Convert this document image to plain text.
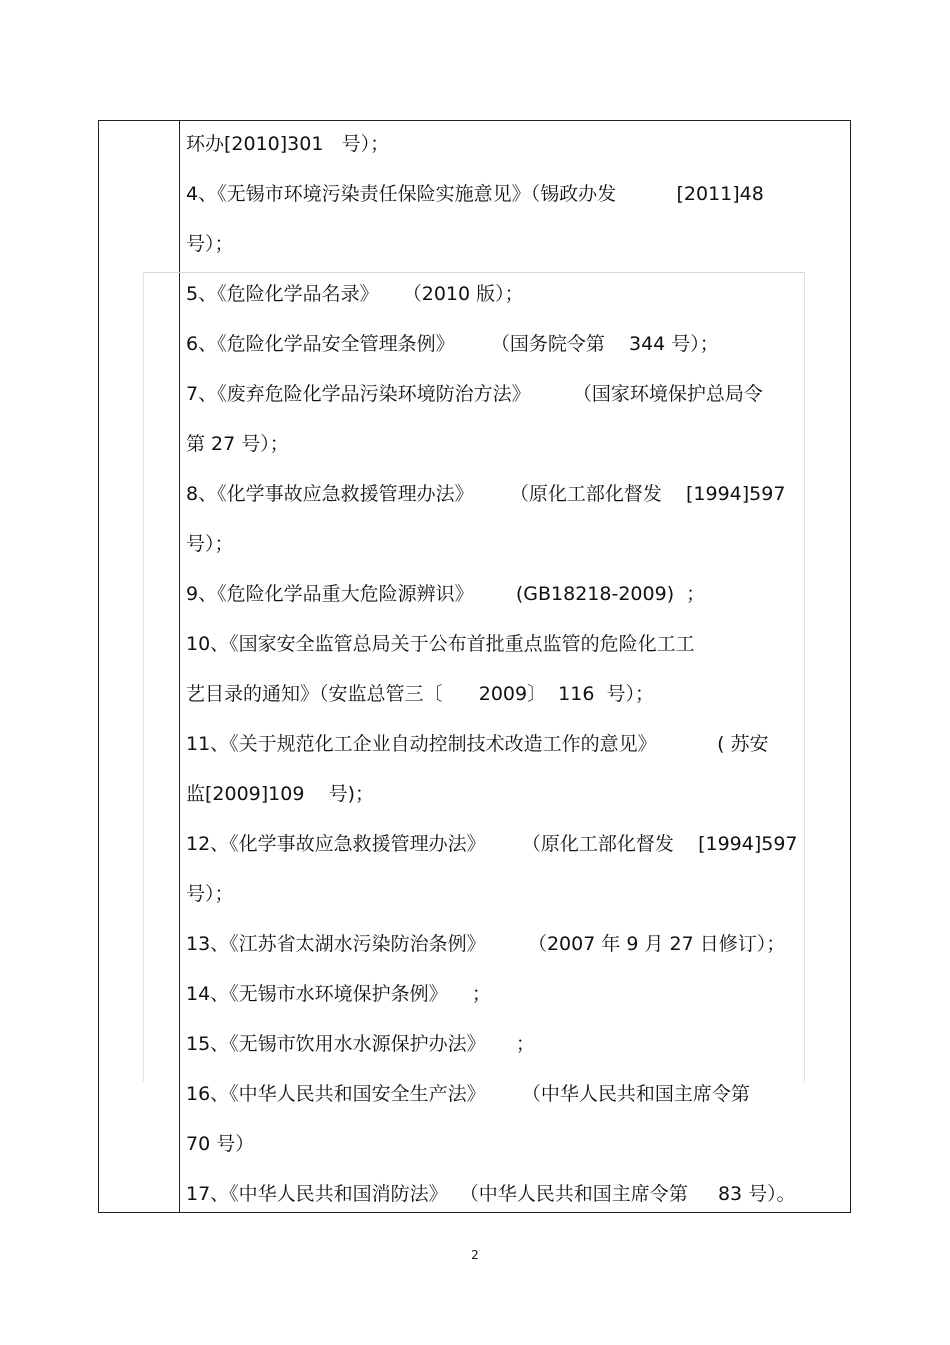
环办[2010]301   号）；
4、《无锡市环境污染责任保险实施意见》（锡政办发          [2011]48
号）；
5、《危险化学品名录》    （2010 版）；
6、《危险化学品安全管理条例》      （国务院令第    344 号）；
7、《废弃危险化学品污染环境防治方法》       （国家环境保护总局令
第 27 号）；
8、《化学事故应急救援管理办法》      （原化工部化督发    [1994]597
号）；
9、《危险化学品重大危险源辨识》       (GB18218-2009)  ；
10、《国家安全监管总局关于公布首批重点监管的危险化工工
艺目录的通知》（安监总管三〔      2009〕  116  号）；
11、《关于规范化工企业自动控制技术改造工作的意见》          ( 苏安
监[2009]109    号)；
12、《化学事故应急救援管理办法》      （原化工部化督发    [1994]597
号）；
13、《江苏省太湖水污染防治条例》       （2007 年 9 月 27 日修订）；
14、《无锡市水环境保护条例》    ；
15、《无锡市饮用水水源保护办法》     ；
16、《中华人民共和国安全生产法》      （中华人民共和国主席令第
70 号）
17、《中华人民共和国消防法》  （中华人民共和国主席令第     83 号）。
2
